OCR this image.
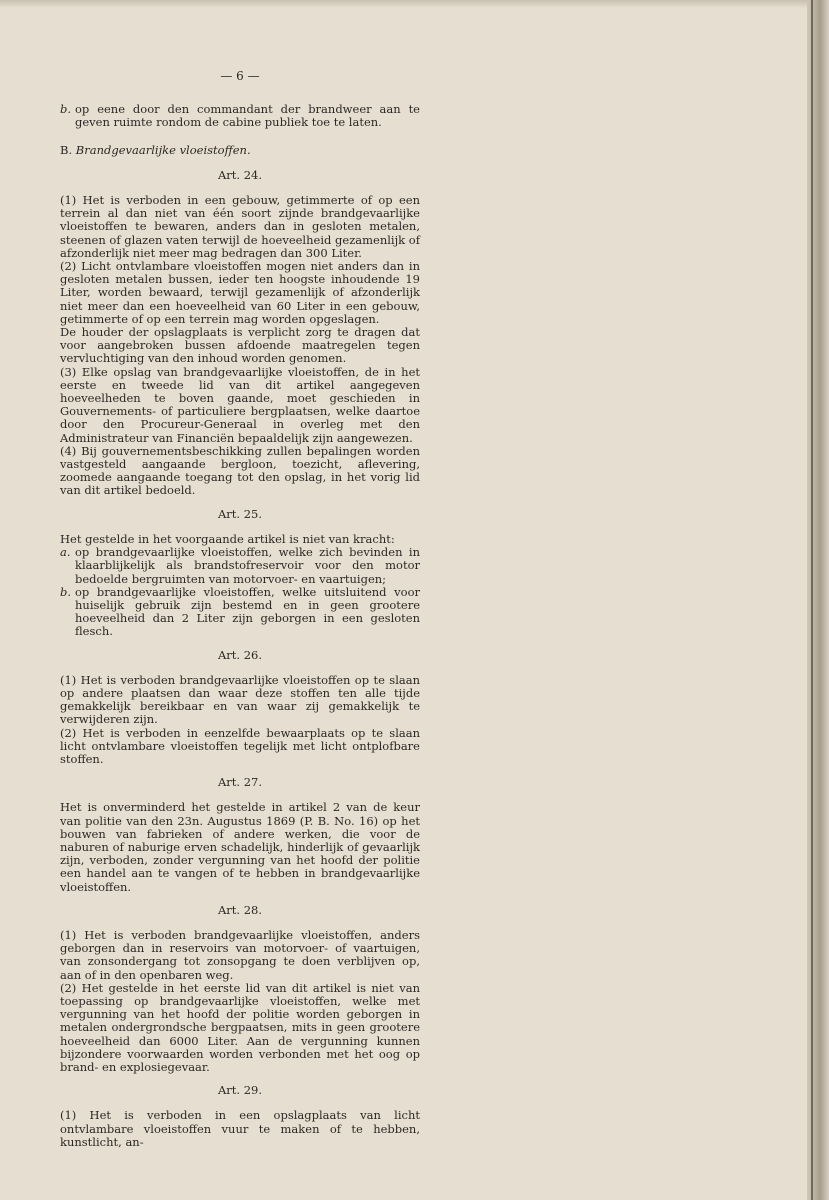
— 6 —
b. op eene door den commandant der brandweer aan te geven ruimte rondom de cabine publiek toe te laten.
B. Brandgevaarlijke vloeistoffen.
Art. 24.

(1) Het is verboden in een gebouw, getimmerte of op een terrein al dan niet van één soort zijnde brandgevaarlijke vloeistoffen te bewaren, anders dan in gesloten metalen, steenen of glazen vaten terwijl de hoeveelheid gezamenlijk of afzonderlijk niet meer mag bedragen dan 300 Liter.

(2) Licht ontvlambare vloeistoffen mogen niet anders dan in gesloten metalen bussen, ieder ten hoogste inhoudende 19 Liter, worden bewaard, terwijl gezamenlijk of afzonderlijk niet meer dan een hoeveelheid van 60 Liter in een gebouw, getimmerte of op een terrein mag worden opgeslagen.

De houder der opslagplaats is verplicht zorg te dragen dat voor aangebroken bussen afdoende maatregelen tegen vervluchtiging van den inhoud worden genomen.

(3) Elke opslag van brandgevaarlijke vloeistoffen, de in het eerste en tweede lid van dit artikel aangegeven hoeveelheden te boven gaande, moet geschieden in Gouvernements- of particuliere bergplaatsen, welke daartoe door den Procureur-Generaal in overleg met den Administrateur van Financiën bepaaldelijk zijn aangewezen.

(4) Bij gouvernementsbeschikking zullen bepalingen worden vastgesteld aangaande bergloon, toezicht, aflevering, zoomede aangaande toegang tot den opslag, in het vorig lid van dit artikel bedoeld.

Art. 25.

Het gestelde in het voorgaande artikel is niet van kracht:

a. op brandgevaarlijke vloeistoffen, welke zich bevinden in klaarblijkelijk als brandstofreservoir voor den motor bedoelde bergruimten van motorvoer- en vaartuigen;
b. op brandgevaarlijke vloeistoffen, welke uitsluitend voor huiselijk gebruik zijn bestemd en in geen grootere hoeveelheid dan 2 Liter zijn geborgen in een gesloten flesch.
Art. 26.

(1) Het is verboden brandgevaarlijke vloeistoffen op te slaan op andere plaatsen dan waar deze stoffen ten alle tijde gemakkelijk bereikbaar en van waar zij gemakkelijk te verwijderen zijn.

(2) Het is verboden in eenzelfde bewaarplaats op te slaan licht ontvlambare vloeistoffen tegelijk met licht ontplofbare stoffen.

Art. 27.

Het is onverminderd het gestelde in artikel 2 van de keur van politie van den 23n. Augustus 1869 (P. B. No. 16) op het bouwen van fabrieken of andere werken, die voor de naburen of naburige erven schadelijk, hinderlijk of gevaarlijk zijn, verboden, zonder vergunning van het hoofd der politie een handel aan te vangen of te hebben in brandgevaarlijke vloeistoffen.

Art. 28.

(1) Het is verboden brandgevaarlijke vloeistoffen, anders geborgen dan in reservoirs van motorvoer- of vaartuigen, van zonsondergang tot zonsopgang te doen verblijven op, aan of in den openbaren weg.

(2) Het gestelde in het eerste lid van dit artikel is niet van toepassing op brandgevaarlijke vloeistoffen, welke met vergunning van het hoofd der politie worden geborgen in metalen ondergrondsche bergpaatsen, mits in geen grootere hoeveelheid dan 6000 Liter. Aan de vergunning kunnen bijzondere voorwaarden worden verbonden met het oog op brand- en explosiegevaar.

Art. 29.

(1) Het is verboden in een opslagplaats van licht ontvlambare vloeistoffen vuur te maken of te hebben, kunstlicht, an-
